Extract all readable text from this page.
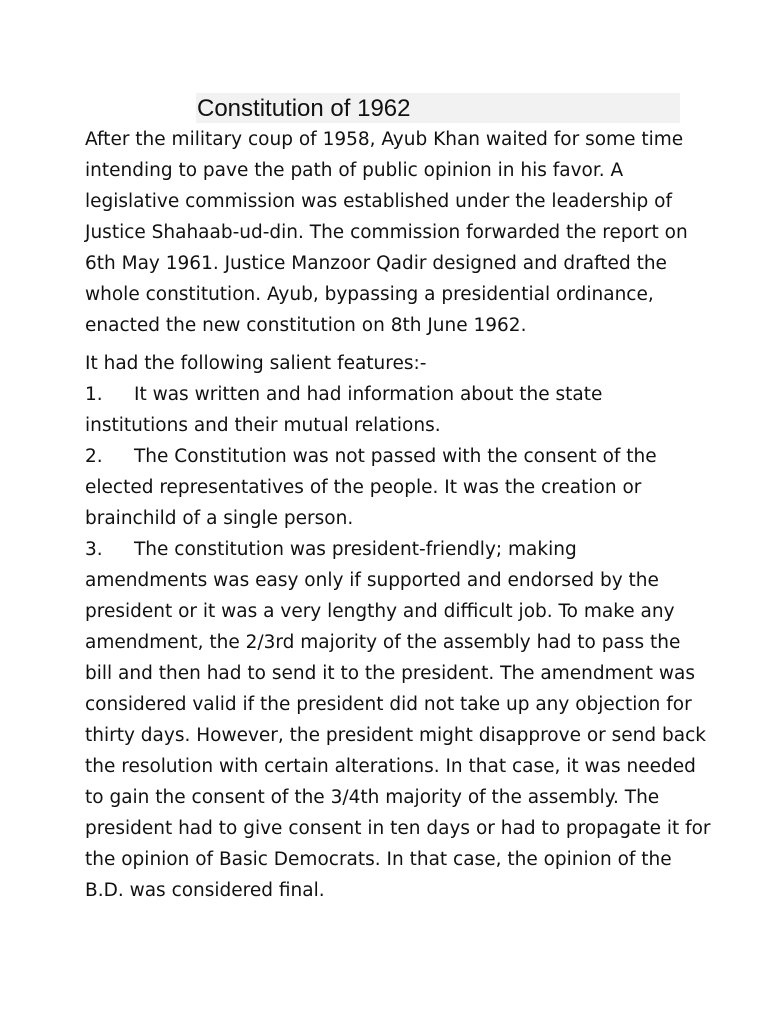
Constitution of 1962

After the military coup of 1958, Ayub Khan waited for some time
intending to pave the path of public opinion in his favor. A
legislative commission was established under the leadership of
Justice Shahaab-ud-din. The commission forwarded the report on
6th May 1961. Justice Manzoor Qadir designed and drafted the
whole constitution. Ayub, bypassing a presidential ordinance,
enacted the new constitution on 8th June 1962.

It had the following salient features:-

1. It was written and had information about the state
institutions and their mutual relations.

2. The Constitution was not passed with the consent of the
elected representatives of the people. It was the creation or
brainchild of a single person.

3. The constitution was president-friendly; making
amendments was easy only if supported and endorsed by the
president or it was a very lengthy and difficult job. To make any
amendment, the 2/3rd majority of the assembly had to pass the
bill and then had to send it to the president. The amendment was
considered valid if the president did not take up any objection for
thirty days. However, the president might disapprove or send back
the resolution with certain alterations. In that case, it was needed
to gain the consent of the 3/4th majority of the assembly. The
president had to give consent in ten days or had to propagate it for
the opinion of Basic Democrats. In that case, the opinion of the
B.D. was considered final.
